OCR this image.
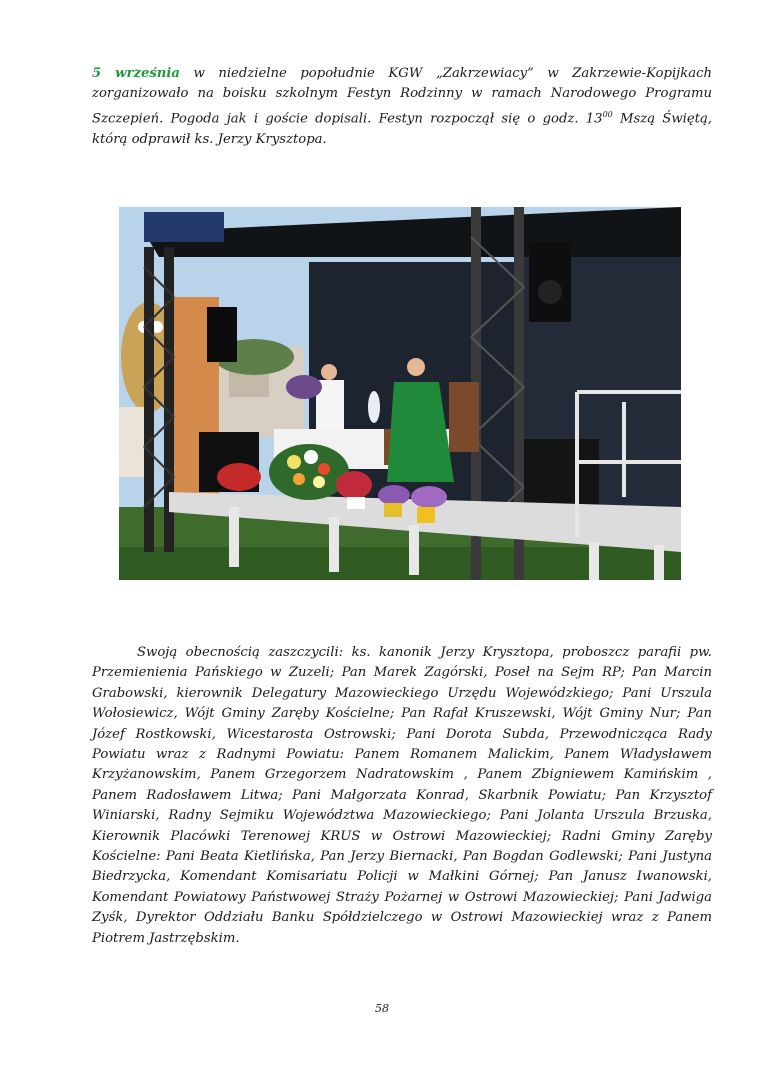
5 września w niedzielne popołudnie KGW „Zakrzewiacy” w Zakrzewie-Kopijkach zorganizowało na boisku szkolnym Festyn Rodzinny w ramach Narodowego Programu Szczepień. Pogoda jak i goście dopisali. Festyn rozpoczął się o godz. $13^{00}$ Mszą Świętą, którą odprawił ks. Jerzy Krysztopa.

Swoją obecnością zaszczycili: ks. kanonik Jerzy Krysztopa, proboszcz parafii pw. Przemienienia Pańskiego w Zuzeli; Pan Marek Zagórski, Poseł na Sejm RP; Pan Marcin Grabowski, kierownik Delegatury Mazowieckiego Urzędu Wojewódzkiego; Pani Urszula Wołosiewicz, Wójt Gminy Zaręby Kościelne; Pan Rafał Kruszewski, Wójt Gminy Nur; Pan Józef Rostkowski, Wicestarosta Ostrowski; Pani Dorota Subda, Przewodnicząca Rady Powiatu wraz z Radnymi Powiatu: Panem Romanem Malickim, Panem Władysławem Krzyżanowskim, Panem Grzegorzem Nadratowskim , Panem Zbigniewem Kamińskim , Panem Radosławem Litwa; Pani Małgorzata Konrad, Skarbnik Powiatu; Pan Krzysztof Winiarski, Radny Sejmiku Województwa Mazowieckiego; Pani Jolanta Urszula Brzuska, Kierownik Placówki Terenowej KRUS w Ostrowi Mazowieckiej; Radni Gminy Zaręby Kościelne: Pani Beata Kietlińska, Pan Jerzy Biernacki, Pan Bogdan Godlewski; Pani Justyna Biedrzycka, Komendant Komisariatu Policji w Małkini Górnej; Pan Janusz Iwanowski, Komendant Powiatowy Państwowej Straży Pożarnej w Ostrowi Mazowieckiej; Pani Jadwiga Zyśk, Dyrektor Oddziału Banku Spółdzielczego w Ostrowi Mazowieckiej wraz z Panem Piotrem Jastrzębskim.

58
